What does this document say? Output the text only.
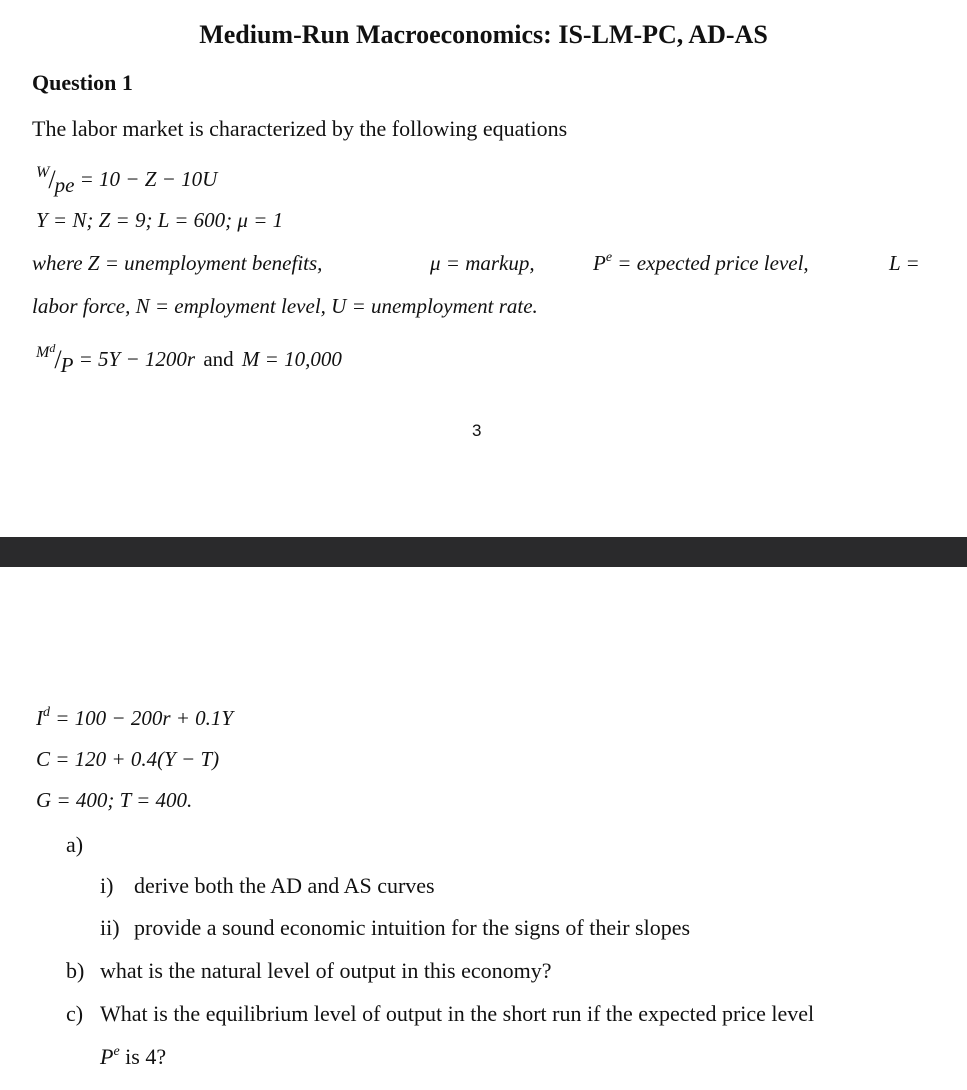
Medium-Run Macroeconomics: IS-LM-PC, AD-AS
Question 1
The labor market is characterized by the following equations
$^W$/pe = 10 − Z − 10U
Y = N; Z = 9; L = 600; μ = 1
where Z = unemployment benefits,	μ = markup,	$P^e$ = expected price level,	L =
labor force, N = employment level, U = unemployment rate.
$^{M^d}$/P = 5Y − 1200r and M = 10,000
3
$I^d = 100 - 200r + 0.1Y$
C = 120 + 0.4(Y − T)
G = 400; T = 400.
a)
i) derive both the AD and AS curves
ii) provide a sound economic intuition for the signs of their slopes
b) what is the natural level of output in this economy?
c) What is the equilibrium level of output in the short run if the expected price level
$P^e$ is 4?
